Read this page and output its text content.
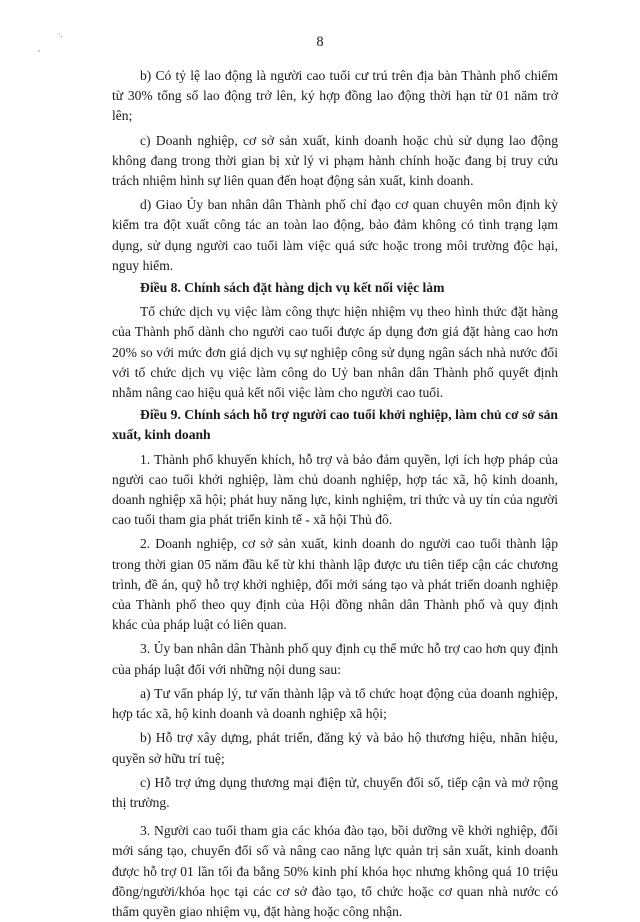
·.
,	8

b) Có tỷ lệ lao động là người cao tuổi cư trú trên địa bàn Thành phố chiếm từ 30% tổng số lao động trở lên, ký hợp đồng lao động thời hạn từ 01 năm trở lên;

c) Doanh nghiệp, cơ sở sản xuất, kinh doanh hoặc chủ sử dụng lao động không đang trong thời gian bị xử lý vi phạm hành chính hoặc đang bị truy cứu trách nhiệm hình sự liên quan đến hoạt động sản xuất, kinh doanh.

d) Giao Ủy ban nhân dân Thành phố chỉ đạo cơ quan chuyên môn định kỳ kiểm tra đột xuất công tác an toàn lao động, bảo đảm không có tình trạng lạm dụng, sử dụng người cao tuổi làm việc quá sức hoặc trong môi trường độc hại, nguy hiểm.

Điều 8. Chính sách đặt hàng dịch vụ kết nối việc làm

Tổ chức dịch vụ việc làm công thực hiện nhiệm vụ theo hình thức đặt hàng của Thành phố dành cho người cao tuổi được áp dụng đơn giá đặt hàng cao hơn 20% so với mức đơn giá dịch vụ sự nghiệp công sử dụng ngân sách nhà nước đối với tổ chức dịch vụ việc làm công do Uỷ ban nhân dân Thành phố quyết định nhằm nâng cao hiệu quả kết nối việc làm cho người cao tuổi.

Điều 9. Chính sách hỗ trợ người cao tuổi khởi nghiệp, làm chủ cơ sở sản xuất, kinh doanh

1. Thành phố khuyến khích, hỗ trợ và bảo đảm quyền, lợi ích hợp pháp của người cao tuổi khởi nghiệp, làm chủ doanh nghiệp, hợp tác xã, hộ kinh doanh, doanh nghiệp xã hội; phát huy năng lực, kinh nghiệm, tri thức và uy tín của người cao tuổi tham gia phát triển kinh tế - xã hội Thủ đô.

2. Doanh nghiệp, cơ sở sản xuất, kinh doanh do người cao tuổi thành lập trong thời gian 05 năm đầu kể từ khi thành lập được ưu tiên tiếp cận các chương trình, đề án, quỹ hỗ trợ khởi nghiệp, đổi mới sáng tạo và phát triển doanh nghiệp của Thành phố theo quy định của Hội đồng nhân dân Thành phố và quy định khác của pháp luật có liên quan.

3. Ủy ban nhân dân Thành phố quy định cụ thể mức hỗ trợ cao hơn quy định của pháp luật đối với những nội dung sau:

a) Tư vấn pháp lý, tư vấn thành lập và tổ chức hoạt động của doanh nghiệp, hợp tác xã, hộ kinh doanh và doanh nghiệp xã hội;

b) Hỗ trợ xây dựng, phát triển, đăng ký và bảo hộ thương hiệu, nhãn hiệu, quyền sở hữu trí tuệ;

c) Hỗ trợ ứng dụng thương mại điện tử, chuyển đổi số, tiếp cận và mở rộng thị trường.

3. Người cao tuổi tham gia các khóa đào tạo, bồi dưỡng về khởi nghiệp, đổi mới sáng tạo, chuyển đổi số và nâng cao năng lực quản trị sản xuất, kinh doanh được hỗ trợ 01 lần tối đa bằng 50% kinh phí khóa học nhưng không quá 10 triệu đồng/người/khóa học tại các cơ sở đào tạo, tổ chức hoặc cơ quan nhà nước có thẩm quyền giao nhiệm vụ, đặt hàng hoặc công nhận.
